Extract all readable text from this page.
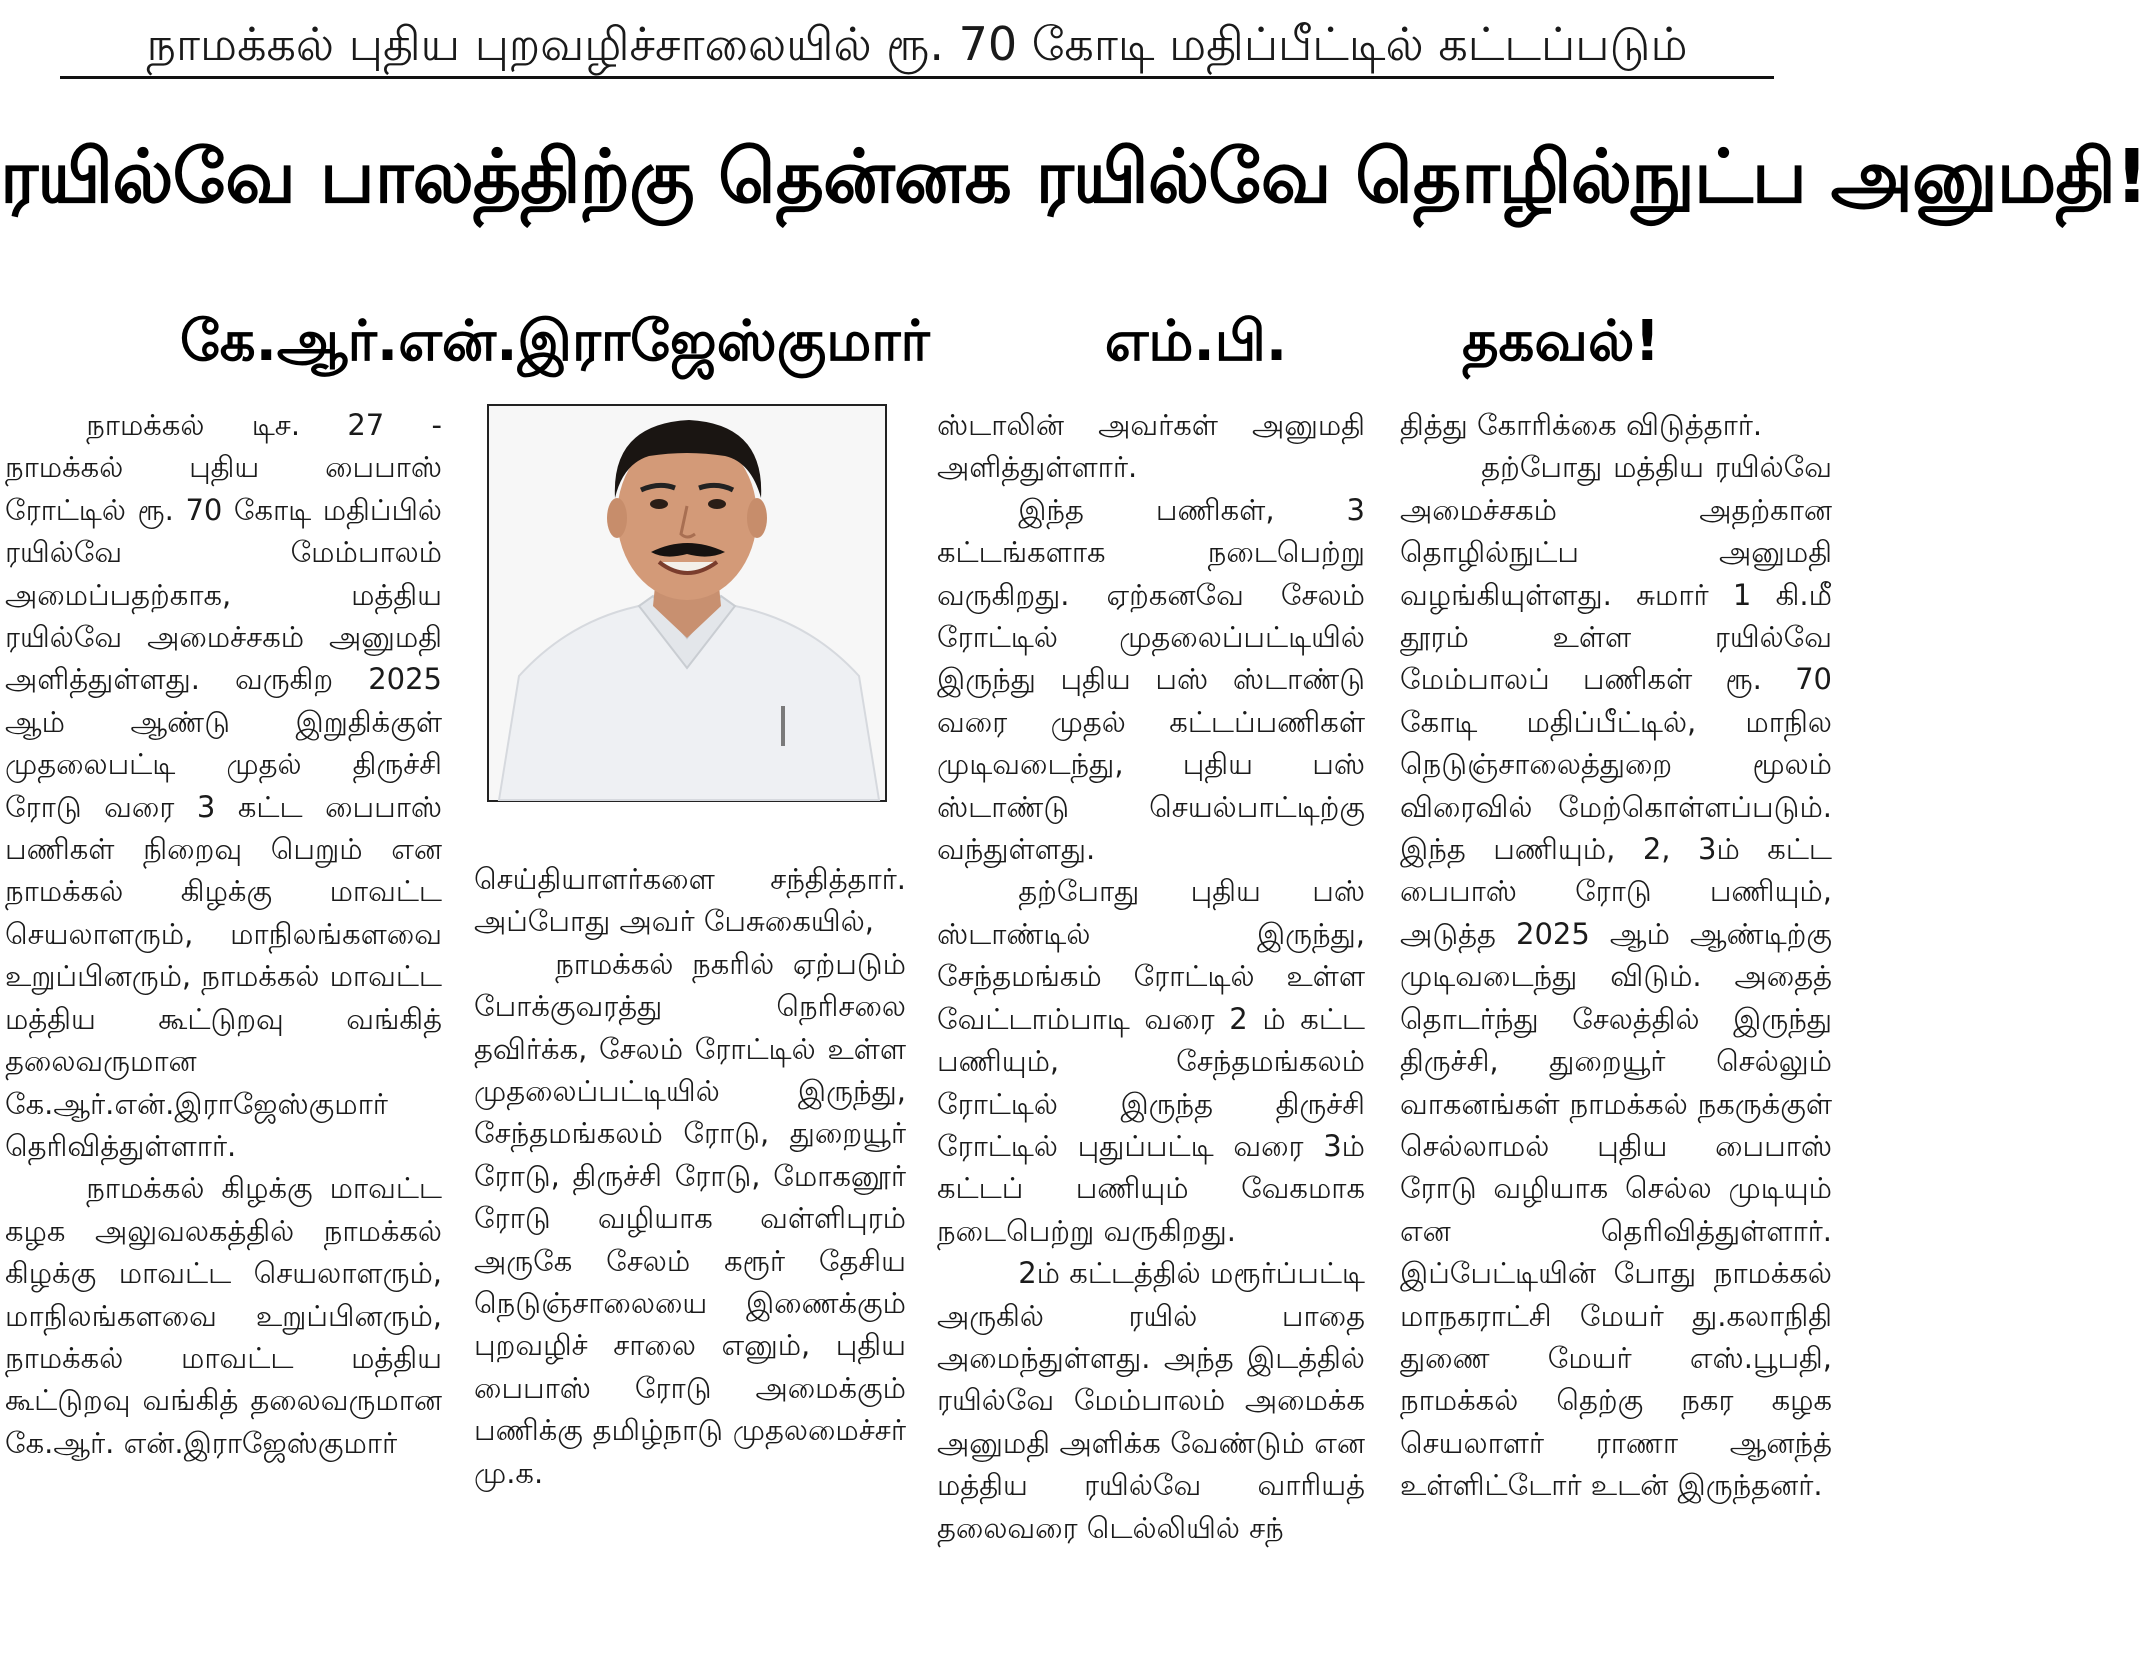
நாமக்கல் புதிய புறவழிச்சாலையில் ரூ. 70 கோடி மதிப்பீட்டில் கட்டப்படும்
ரயில்வே பாலத்திற்கு தென்னக ரயில்வே தொழில்நுட்ப அனுமதி!
கே.ஆர்.என்.இராஜேஸ்குமார்	எம்.பி.	தகவல்!

நாமக்கல் டிச. 27 - நாமக்கல் புதிய பைபாஸ் ரோட்டில் ரூ. 70 கோடி மதிப்பில் ரயில்வே மேம்பாலம் அமைப்பதற்காக, மத்திய ரயில்வே அமைச்சகம் அனுமதி அளித்துள்ளது. வருகிற 2025 ஆம் ஆண்டு இறுதிக்குள் முதலைபட்டி முதல் திருச்சி ரோடு வரை 3 கட்ட பைபாஸ் பணிகள் நிறைவு பெறும் என நாமக்கல் கிழக்கு மாவட்ட செயலாளரும், மாநிலங்களவை உறுப்பினரும், நாமக்கல் மாவட்ட மத்திய கூட்டுறவு வங்கித் தலைவருமான கே.ஆர்.என்.இராஜேஸ்குமார் தெரிவித்துள்ளார்.

நாமக்கல் கிழக்கு மாவட்ட கழக அலுவலகத்தில் நாமக்கல் கிழக்கு மாவட்ட செயலாளரும், மாநிலங்களவை உறுப்பினரும், நாமக்கல் மாவட்ட மத்திய கூட்டுறவு வங்கித் தலைவருமான கே.ஆர். என்.இராஜேஸ்குமார்

செய்தியாளர்களை சந்தித்தார். அப்போது அவர் பேசுகையில்,

நாமக்கல் நகரில் ஏற்படும் போக்குவரத்து நெரிசலை தவிர்க்க, சேலம் ரோட்டில் உள்ள முதலைப்பட்டியில் இருந்து, சேந்தமங்கலம் ரோடு, துறையூர் ரோடு, திருச்சி ரோடு, மோகனூர் ரோடு வழியாக வள்ளிபுரம் அருகே சேலம் கரூர் தேசிய நெடுஞ்சாலையை இணைக்கும் புறவழிச் சாலை எனும், புதிய பைபாஸ் ரோடு அமைக்கும் பணிக்கு தமிழ்நாடு முதலமைச்சர் மு.க.

ஸ்டாலின் அவர்கள் அனுமதி அளித்துள்ளார்.

இந்த பணிகள், 3 கட்டங்களாக நடைபெற்று வருகிறது. ஏற்கனவே சேலம் ரோட்டில் முதலைப்பட்டியில் இருந்து புதிய பஸ் ஸ்டாண்டு வரை முதல் கட்டப்பணிகள் முடிவடைந்து, புதிய பஸ் ஸ்டாண்டு செயல்பாட்டிற்கு வந்துள்ளது.

தற்போது புதிய பஸ் ஸ்டாண்டில் இருந்து, சேந்தமங்கம் ரோட்டில் உள்ள வேட்டாம்பாடி வரை 2 ம் கட்ட பணியும், சேந்தமங்கலம் ரோட்டில் இருந்த திருச்சி ரோட்டில் புதுப்பட்டி வரை 3ம் கட்டப் பணியும் வேகமாக நடைபெற்று வருகிறது.

2ம் கட்டத்தில் மரூர்ப்பட்டி அருகில் ரயில் பாதை அமைந்துள்ளது. அந்த இடத்தில் ரயில்வே மேம்பாலம் அமைக்க அனுமதி அளிக்க வேண்டும் என மத்திய ரயில்வே வாரியத் தலைவரை டெல்லியில் சந்

தித்து கோரிக்கை விடுத்தார்.

தற்போது மத்திய ரயில்வே அமைச்சகம் அதற்கான தொழில்நுட்ப அனுமதி வழங்கியுள்ளது. சுமார் 1 கி.மீ தூரம் உள்ள ரயில்வே மேம்பாலப் பணிகள் ரூ. 70 கோடி மதிப்பீட்டில், மாநில நெடுஞ்சாலைத்துறை மூலம் விரைவில் மேற்கொள்ளப்படும். இந்த பணியும், 2, 3ம் கட்ட பைபாஸ் ரோடு பணியும், அடுத்த 2025 ஆம் ஆண்டிற்கு முடிவடைந்து விடும். அதைத் தொடர்ந்து சேலத்தில் இருந்து திருச்சி, துறையூர் செல்லும் வாகனங்கள் நாமக்கல் நகருக்குள் செல்லாமல் புதிய பைபாஸ் ரோடு வழியாக செல்ல முடியும் என தெரிவித்துள்ளார். இப்பேட்டியின் போது நாமக்கல் மாநகராட்சி மேயர் து.கலாநிதி துணை மேயர் எஸ்.பூபதி, நாமக்கல் தெற்கு நகர கழக செயலாளர் ராணா ஆனந்த் உள்ளிட்டோர் உடன் இருந்தனர்.
